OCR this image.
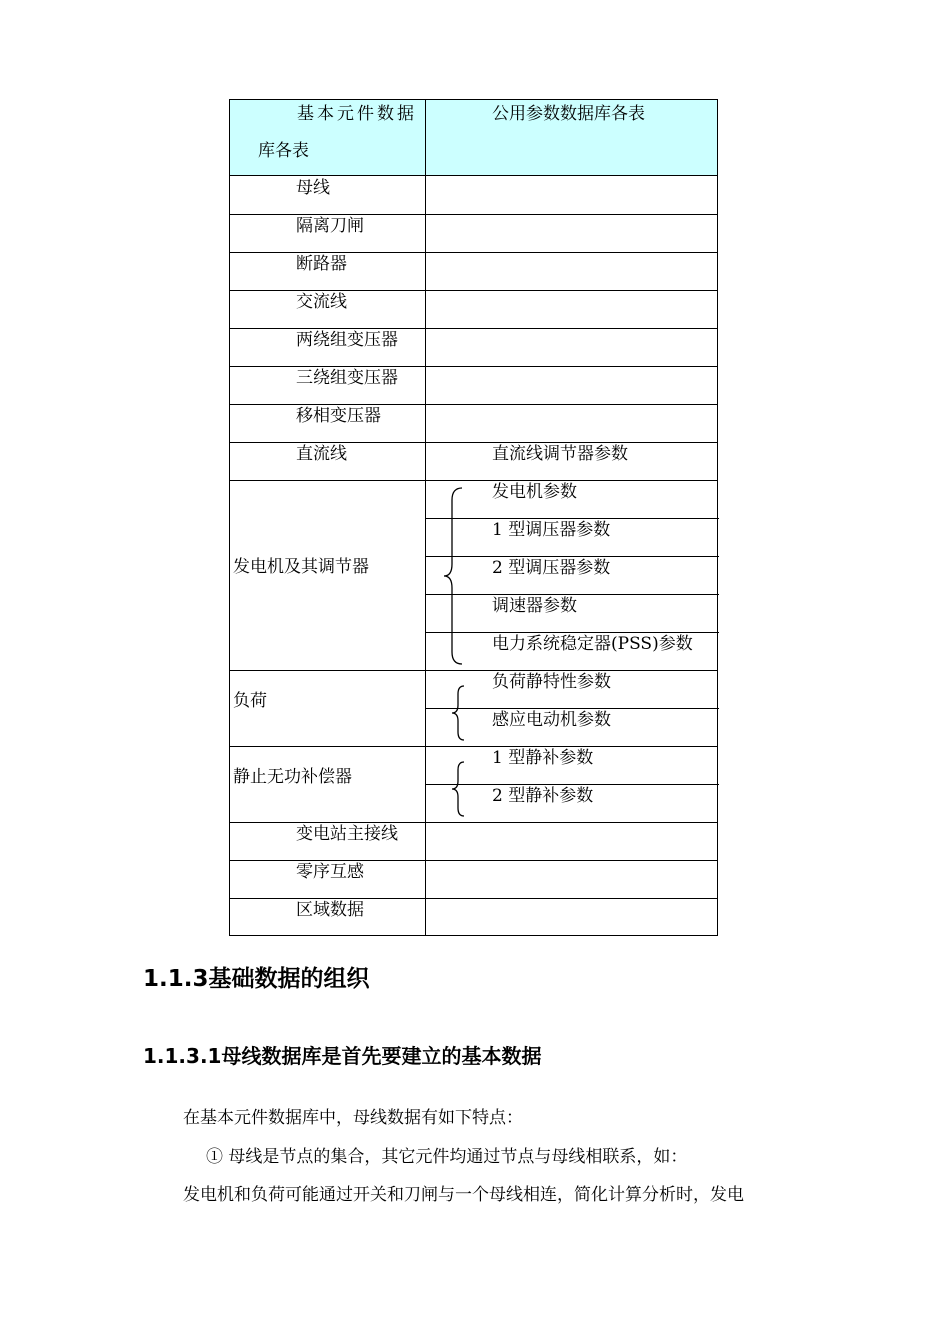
基本元件数据
库各表
公用参数数据库各表
母线
隔离刀闸
断路器
交流线
两绕组变压器
三绕组变压器
移相变压器
直流线	直流线调节器参数
发电机及其调节器
发电机参数
1 型调压器参数
2 型调压器参数
调速器参数
电力系统稳定器(PSS)参数
负荷
负荷静特性参数
感应电动机参数
静止无功补偿器
1 型静补参数
2 型静补参数
变电站主接线
零序互感
区域数据
1.1.3基础数据的组织
1.1.3.1母线数据库是首先要建立的基本数据
在基本元件数据库中，母线数据有如下特点：
① 母线是节点的集合，其它元件均通过节点与母线相联系，如：
发电机和负荷可能通过开关和刀闸与一个母线相连，简化计算分析时，发电
